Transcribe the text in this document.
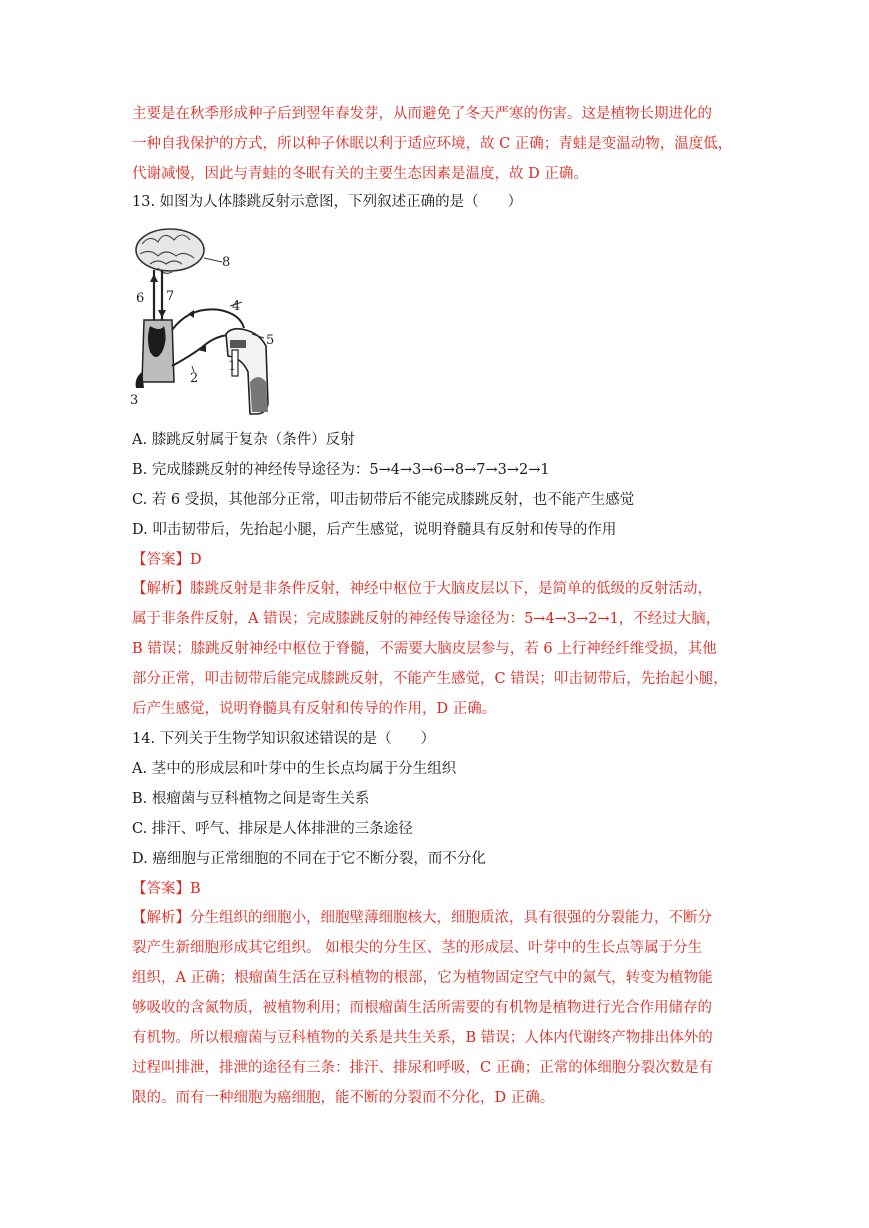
主要是在秋季形成种子后到翌年春发芽，从而避免了冬天严寒的伤害。这是植物长期进化的
一种自我保护的方式，所以种子休眠以利于适应环境，故 C 正确；青蛙是变温动物，温度低，
代谢减慢，因此与青蛙的冬眠有关的主要生态因素是温度，故 D 正确。
13. 如图为人体膝跳反射示意图，下列叙述正确的是（　　）
8
6 7
4
5
1
2
3
A. 膝跳反射属于复杂（条件）反射
B. 完成膝跳反射的神经传导途径为：5→4→3→6→8→7→3→2→1
C. 若 6 受损，其他部分正常，叩击韧带后不能完成膝跳反射，也不能产生感觉
D. 叩击韧带后，先抬起小腿，后产生感觉，说明脊髓具有反射和传导的作用
【答案】D
【解析】膝跳反射是非条件反射，神经中枢位于大脑皮层以下，是简单的低级的反射活动，
属于非条件反射，A 错误；完成膝跳反射的神经传导途径为：5→4→3→2→1，不经过大脑，
B 错误；膝跳反射神经中枢位于脊髓，不需要大脑皮层参与，若 6 上行神经纤维受损，其他
部分正常，叩击韧带后能完成膝跳反射，不能产生感觉，C 错误；叩击韧带后，先抬起小腿，
后产生感觉，说明脊髓具有反射和传导的作用，D 正确。
14. 下列关于生物学知识叙述错误的是（　　）
A. 茎中的形成层和叶芽中的生长点均属于分生组织
B. 根瘤菌与豆科植物之间是寄生关系
C. 排汗、呼气、排尿是人体排泄的三条途径
D. 癌细胞与正常细胞的不同在于它不断分裂，而不分化
【答案】B
【解析】分生组织的细胞小，细胞壁薄细胞核大，细胞质浓，具有很强的分裂能力，不断分
裂产生新细胞形成其它组织。 如根尖的分生区、茎的形成层、叶芽中的生长点等属于分生
组织，A 正确；根瘤菌生活在豆科植物的根部，它为植物固定空气中的氮气，转变为植物能
够吸收的含氮物质，被植物利用；而根瘤菌生活所需要的有机物是植物进行光合作用储存的
有机物。所以根瘤菌与豆科植物的关系是共生关系，B 错误；人体内代谢终产物排出体外的
过程叫排泄，排泄的途径有三条：排汗、排尿和呼吸，C 正确；正常的体细胞分裂次数是有
限的。而有一种细胞为癌细胞，能不断的分裂而不分化，D 正确。
